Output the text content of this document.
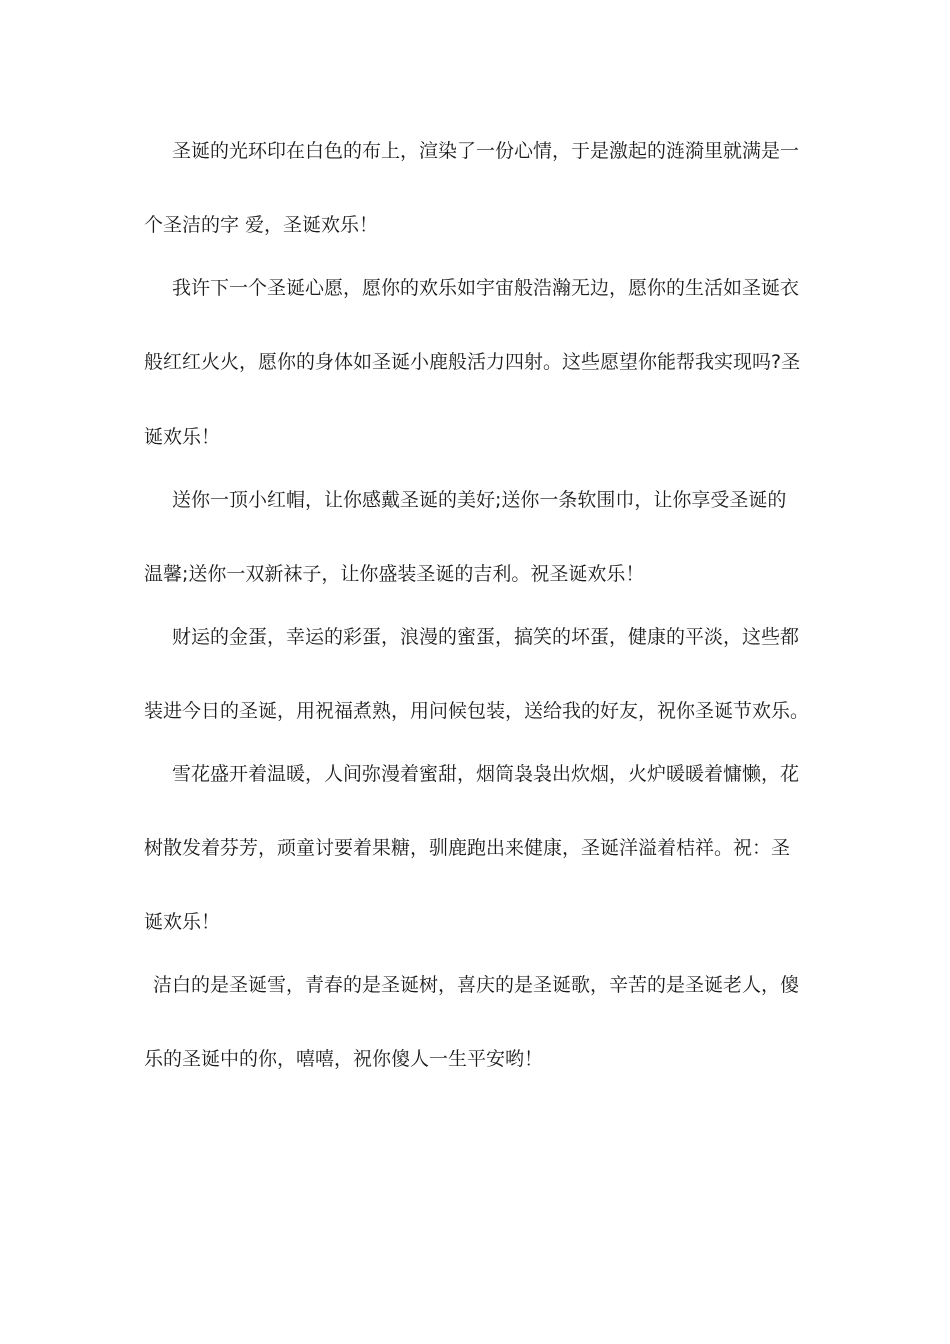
圣诞的光环印在白色的布上，渲染了一份心情，于是激起的涟漪里就满是一
个圣洁的字 爱，圣诞欢乐！
我许下一个圣诞心愿，愿你的欢乐如宇宙般浩瀚无边，愿你的生活如圣诞衣
般红红火火，愿你的身体如圣诞小鹿般活力四射。这些愿望你能帮我实现吗?圣
诞欢乐！
送你一顶小红帽，让你感戴圣诞的美好;送你一条软围巾，让你享受圣诞的
温馨;送你一双新袜子，让你盛装圣诞的吉利。祝圣诞欢乐！
财运的金蛋，幸运的彩蛋，浪漫的蜜蛋，搞笑的坏蛋，健康的平淡，这些都
装进今日的圣诞，用祝福煮熟，用问候包装，送给我的好友，祝你圣诞节欢乐。
雪花盛开着温暖，人间弥漫着蜜甜，烟筒袅袅出炊烟，火炉暖暖着慵懒，花
树散发着芬芳，顽童讨要着果糖，驯鹿跑出来健康，圣诞洋溢着桔祥。祝：圣
诞欢乐！
洁白的是圣诞雪，青春的是圣诞树，喜庆的是圣诞歌，辛苦的是圣诞老人，傻
乐的圣诞中的你，嘻嘻，祝你傻人一生平安哟！
